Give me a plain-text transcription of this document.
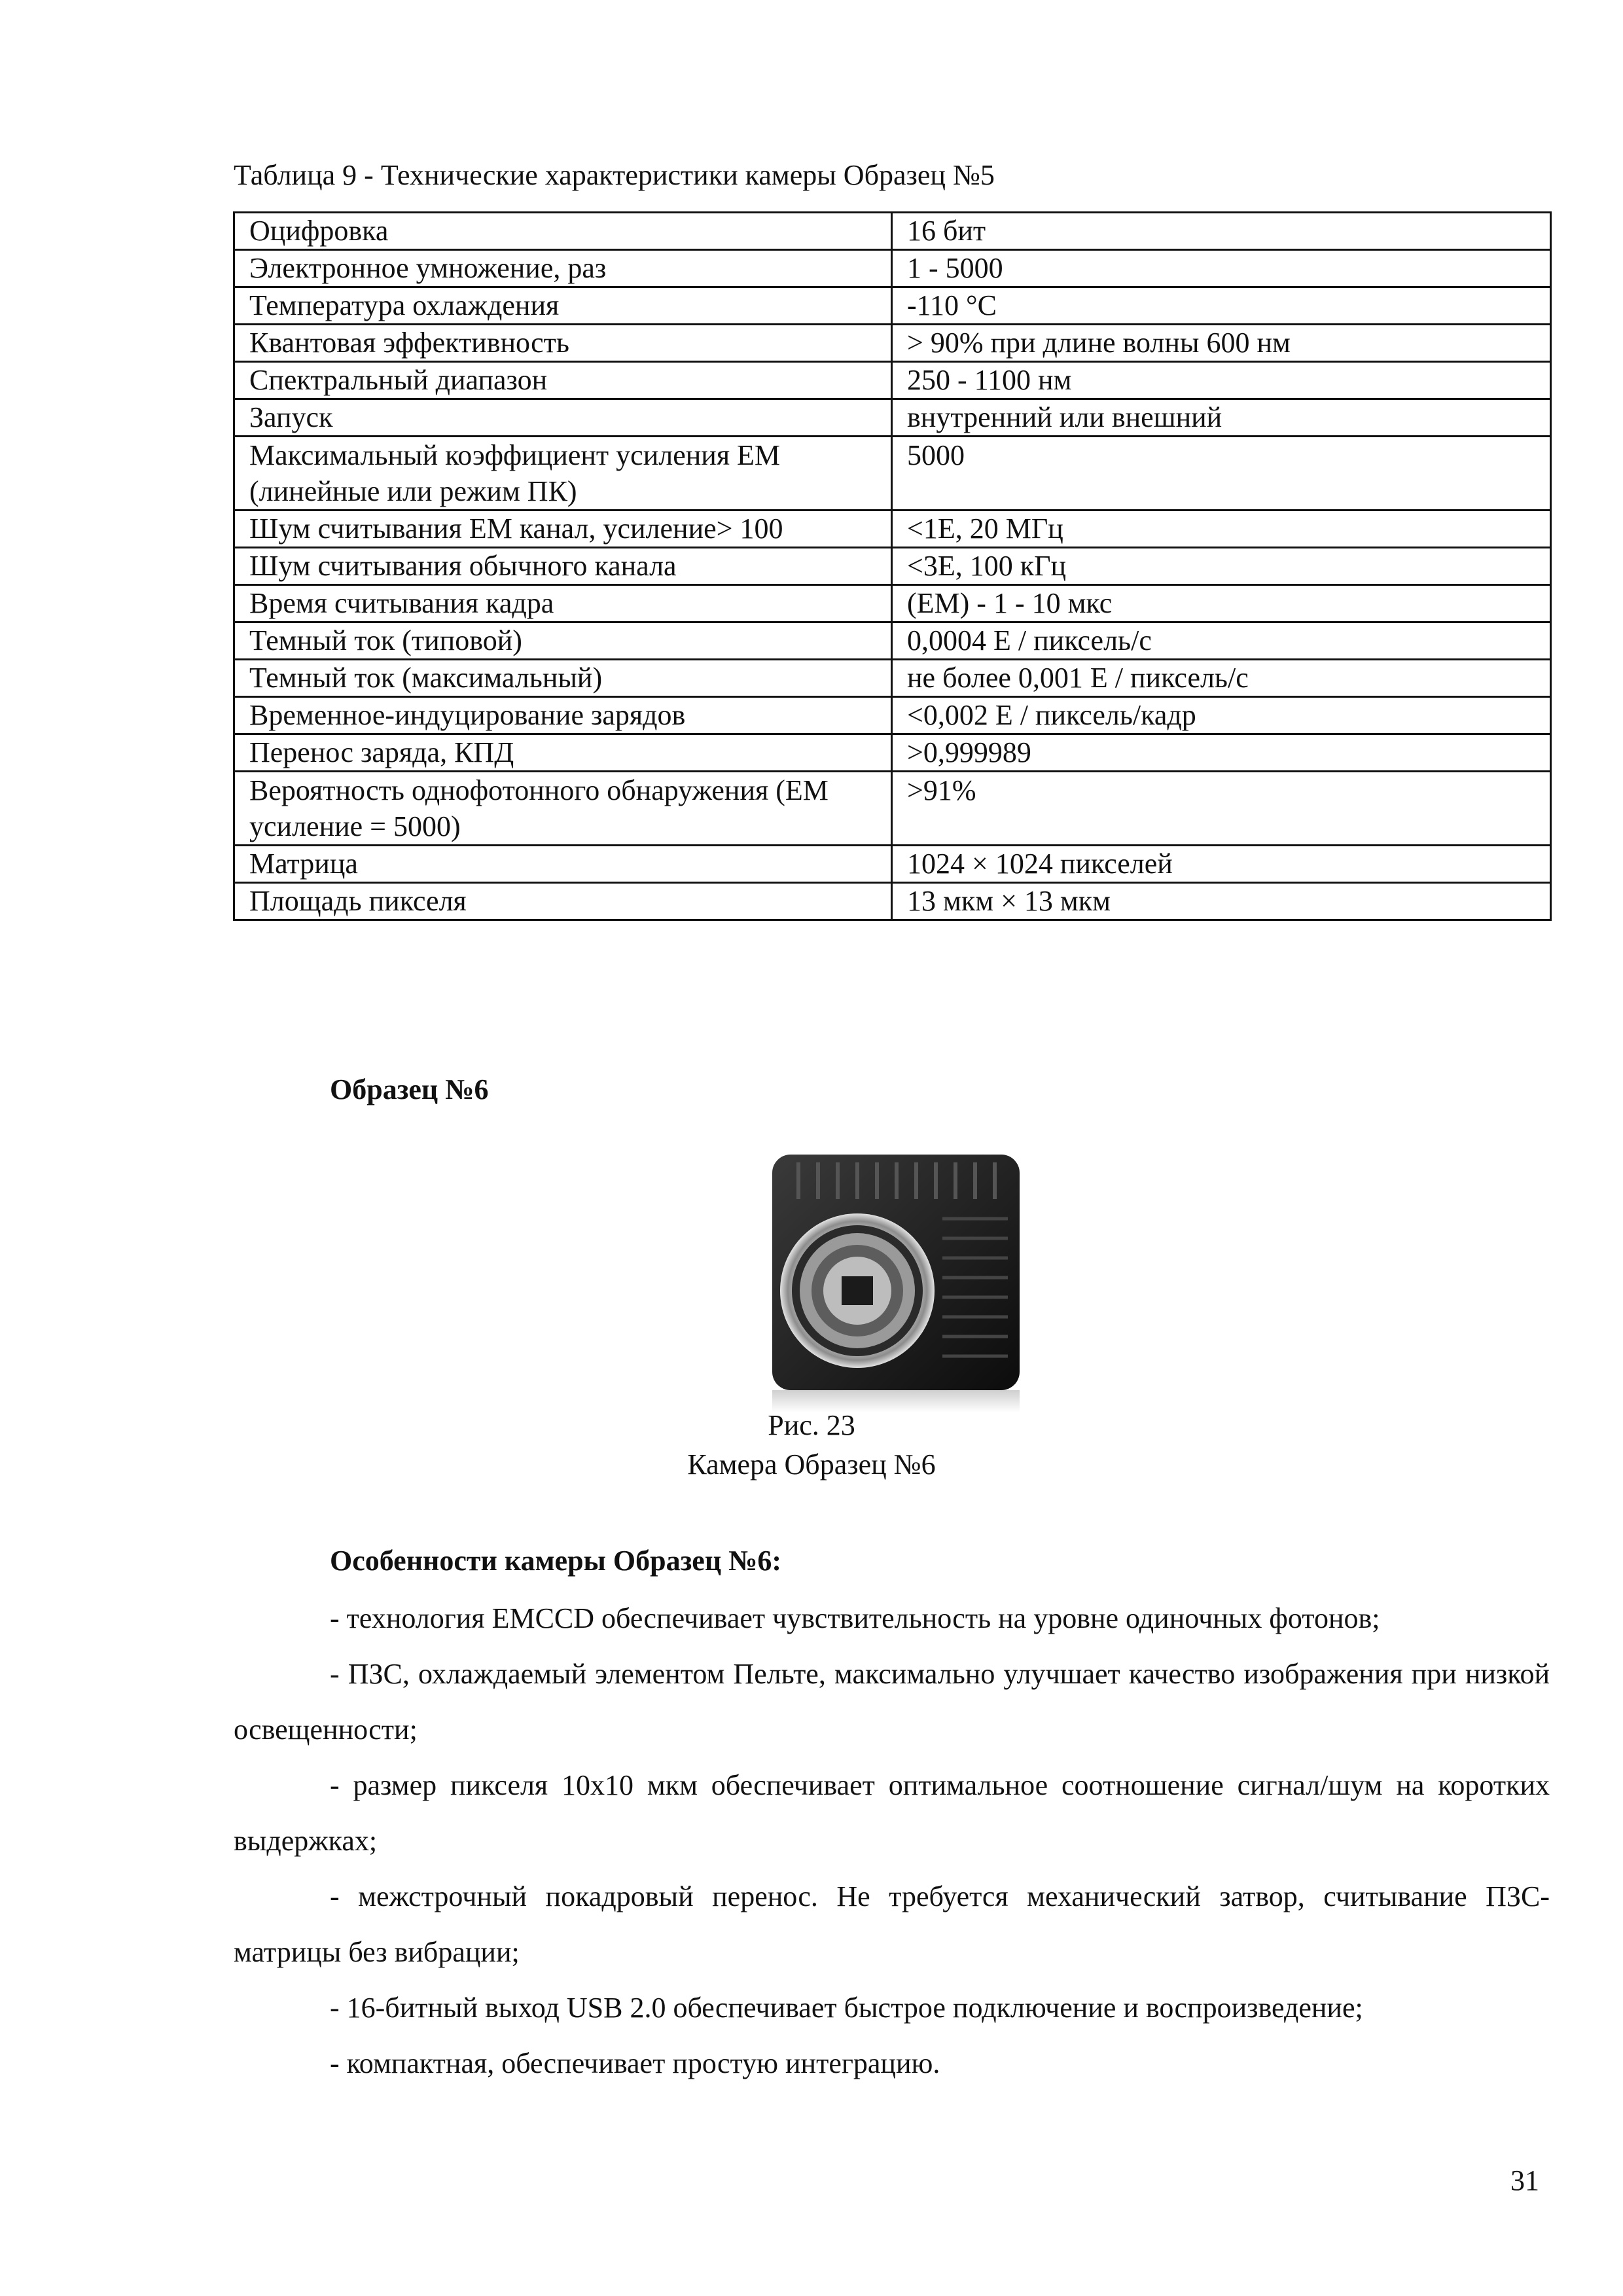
Таблица 9 - Технические характеристики камеры Образец №5
Оцифровка	16 бит
Электронное умножение, раз	1 - 5000
Температура охлаждения	-110 °C
Квантовая эффективность	> 90% при длине волны 600 нм
Спектральный диапазон	250 - 1100 нм
Запуск	внутренний или внешний
Максимальный коэффициент усиления ЕМ (линейные или режим ПК)	5000
Шум считывания ЕМ канал, усиление> 100	<1E, 20 МГц
Шум считывания обычного канала	<3E, 100 кГц
Время считывания кадра	(ЕМ) - 1 - 10 мкс
Темный ток (типовой)	0,0004 Е / пиксель/с
Темный ток (максимальный)	не более 0,001 Е / пиксель/с
Временное-индуцирование зарядов	<0,002 Е / пиксель/кадр
Перенос заряда, КПД	>0,999989
Вероятность однофотонного обнаружения (ЕМ усиление = 5000)	>91%
Матрица	1024 × 1024 пикселей
Площадь пикселя	13 мкм × 13 мкм
Образец №6
Рис. 23
Камера Образец №6
Особенности камеры Образец №6:

- технология EMCCD обеспечивает чувствительность на уровне одиночных фотонов;

- ПЗС, охлаждаемый элементом Пельте, максимально улучшает качество изображения при низкой освещенности;

- размер пикселя 10х10 мкм обеспечивает оптимальное соотношение сигнал/шум на коротких выдержках;

- межстрочный покадровый перенос. Не требуется механический затвор, считывание ПЗС-матрицы без вибрации;

- 16-битный выход USB 2.0 обеспечивает быстрое подключение и воспроизведение;

- компактная, обеспечивает простую интеграцию.

31
